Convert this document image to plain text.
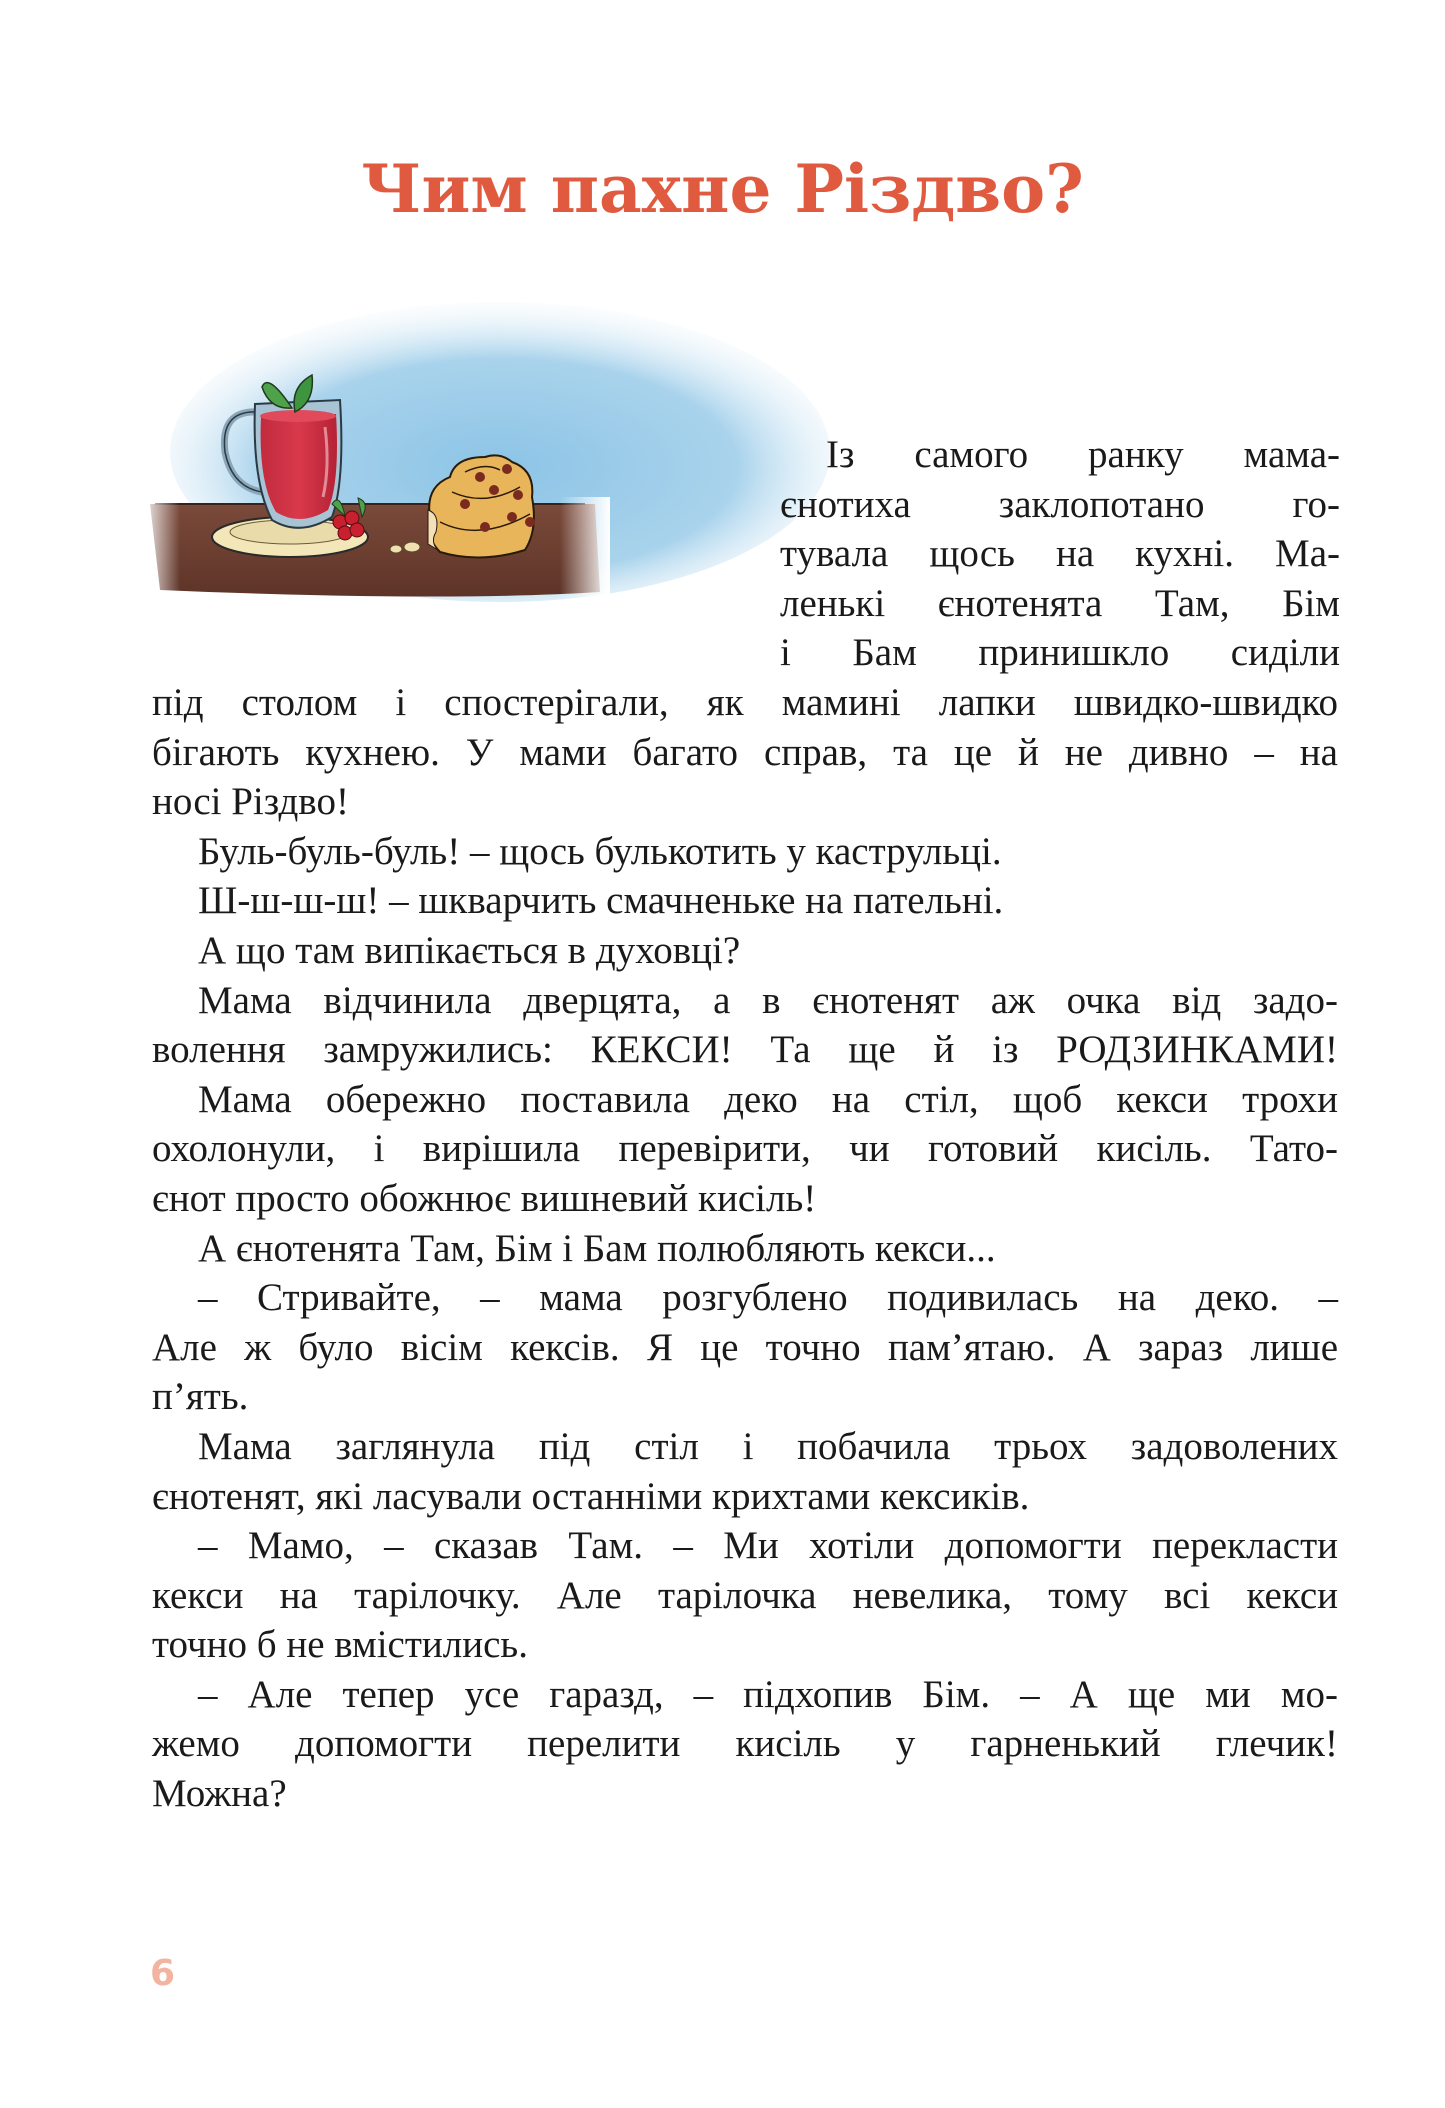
Чим пахне Різдво?
Із самого ранку мама-
єнотиха заклопотано го-
тувала щось на кухні. Ма-
ленькі єнотенята Там, Бім
і Бам принишкло сиділи
під столом і спостерігали, як мамині лапки швидко-швидко
бігають кухнею. У мами багато справ, та це й не дивно – на
носі Різдво!
Буль-буль-буль! – щось булькотить у каструльці.
Ш-ш-ш-ш! – шкварчить смачненьке на пательні.
А що там випікається в духовці?
Мама відчинила дверцята, а в єнотенят аж очка від задо-
волення замружились: КЕКСИ! Та ще й із РОДЗИНКАМИ!
Мама обережно поставила деко на стіл, щоб кекси трохи
охолонули, і вирішила перевірити, чи готовий кисіль. Тато-
єнот просто обожнює вишневий кисіль!
А єнотенята Там, Бім і Бам полюбляють кекси...
– Стривайте, – мама розгублено подивилась на деко. –
Але ж було вісім кексів. Я це точно пам’ятаю. А зараз лише
п’ять.
Мама заглянула під стіл і побачила трьох задоволених
єнотенят, які ласували останніми крихтами кексиків.
– Мамо, – сказав Там. – Ми хотіли допомогти перекласти
кекси на тарілочку. Але тарілочка невелика, тому всі кекси
точно б не вмістились.
– Але тепер усе гаразд, – підхопив Бім. – А ще ми мо-
жемо допомогти перелити кисіль у гарненький глечик!
Можна?
6
